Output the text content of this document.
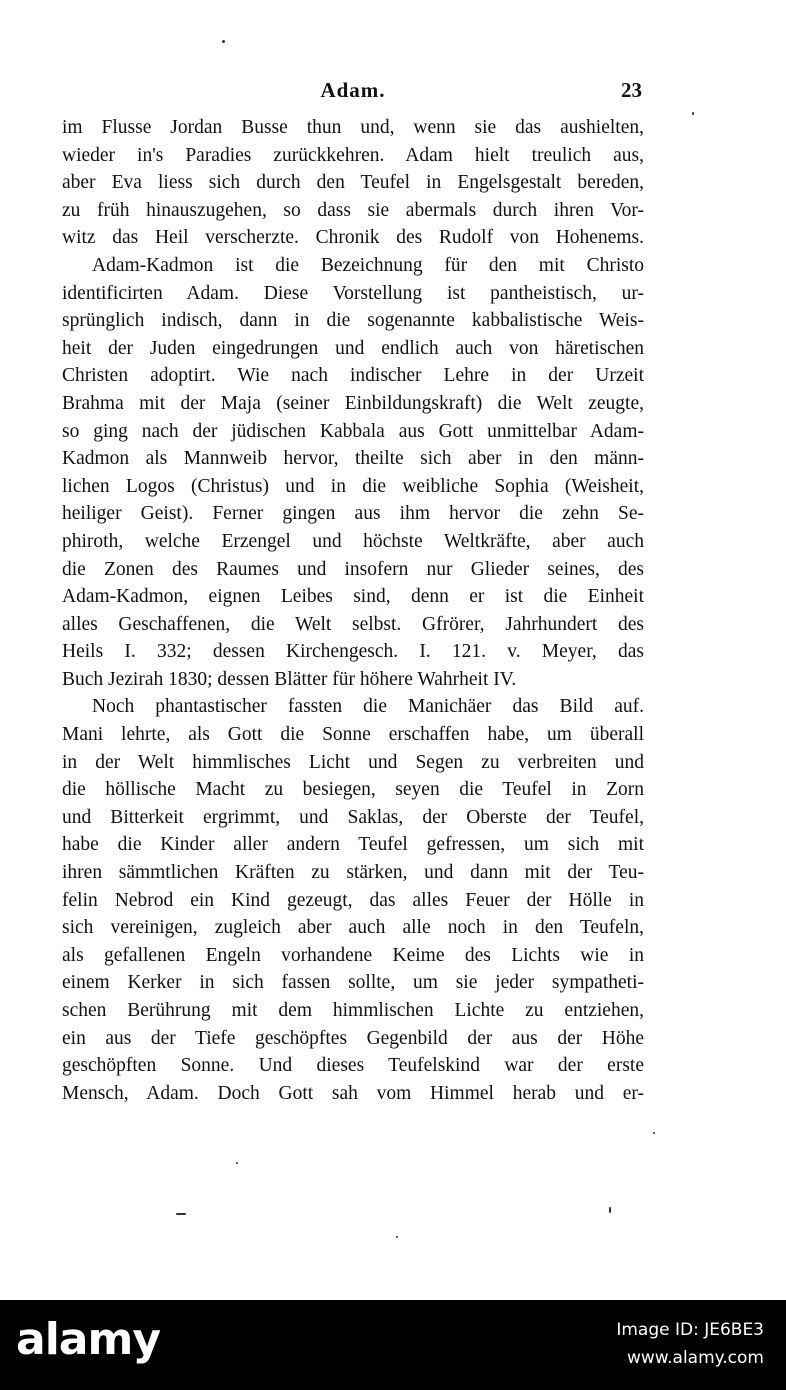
Adam.	23
im Flusse Jordan Busse thun und, wenn sie das aushielten,
wieder in's Paradies zurückkehren. Adam hielt treulich aus,
aber Eva liess sich durch den Teufel in Engelsgestalt bereden,
zu früh hinauszugehen, so dass sie abermals durch ihren Vor-
witz das Heil verscherzte. Chronik des Rudolf von Hohenems.
Adam-Kadmon ist die Bezeichnung für den mit Christo
identificirten Adam. Diese Vorstellung ist pantheistisch, ur-
sprünglich indisch, dann in die sogenannte kabbalistische Weis-
heit der Juden eingedrungen und endlich auch von häretischen
Christen adoptirt. Wie nach indischer Lehre in der Urzeit
Brahma mit der Maja (seiner Einbildungskraft) die Welt zeugte,
so ging nach der jüdischen Kabbala aus Gott unmittelbar Adam-
Kadmon als Mannweib hervor, theilte sich aber in den männ-
lichen Logos (Christus) und in die weibliche Sophia (Weisheit,
heiliger Geist). Ferner gingen aus ihm hervor die zehn Se-
phiroth, welche Erzengel und höchste Weltkräfte, aber auch
die Zonen des Raumes und insofern nur Glieder seines, des
Adam-Kadmon, eignen Leibes sind, denn er ist die Einheit
alles Geschaffenen, die Welt selbst. Gfrörer, Jahrhundert des
Heils I. 332; dessen Kirchengesch. I. 121. v. Meyer, das
Buch Jezirah 1830; dessen Blätter für höhere Wahrheit IV.
Noch phantastischer fassten die Manichäer das Bild auf.
Mani lehrte, als Gott die Sonne erschaffen habe, um überall
in der Welt himmlisches Licht und Segen zu verbreiten und
die höllische Macht zu besiegen, seyen die Teufel in Zorn
und Bitterkeit ergrimmt, und Saklas, der Oberste der Teufel,
habe die Kinder aller andern Teufel gefressen, um sich mit
ihren sämmtlichen Kräften zu stärken, und dann mit der Teu-
felin Nebrod ein Kind gezeugt, das alles Feuer der Hölle in
sich vereinigen, zugleich aber auch alle noch in den Teufeln,
als gefallenen Engeln vorhandene Keime des Lichts wie in
einem Kerker in sich fassen sollte, um sie jeder sympatheti-
schen Berührung mit dem himmlischen Lichte zu entziehen,
ein aus der Tiefe geschöpftes Gegenbild der aus der Höhe
geschöpften Sonne. Und dieses Teufelskind war der erste
Mensch, Adam. Doch Gott sah vom Himmel herab und er-
alamy	Image ID: JE6BE3
www.alamy.com
